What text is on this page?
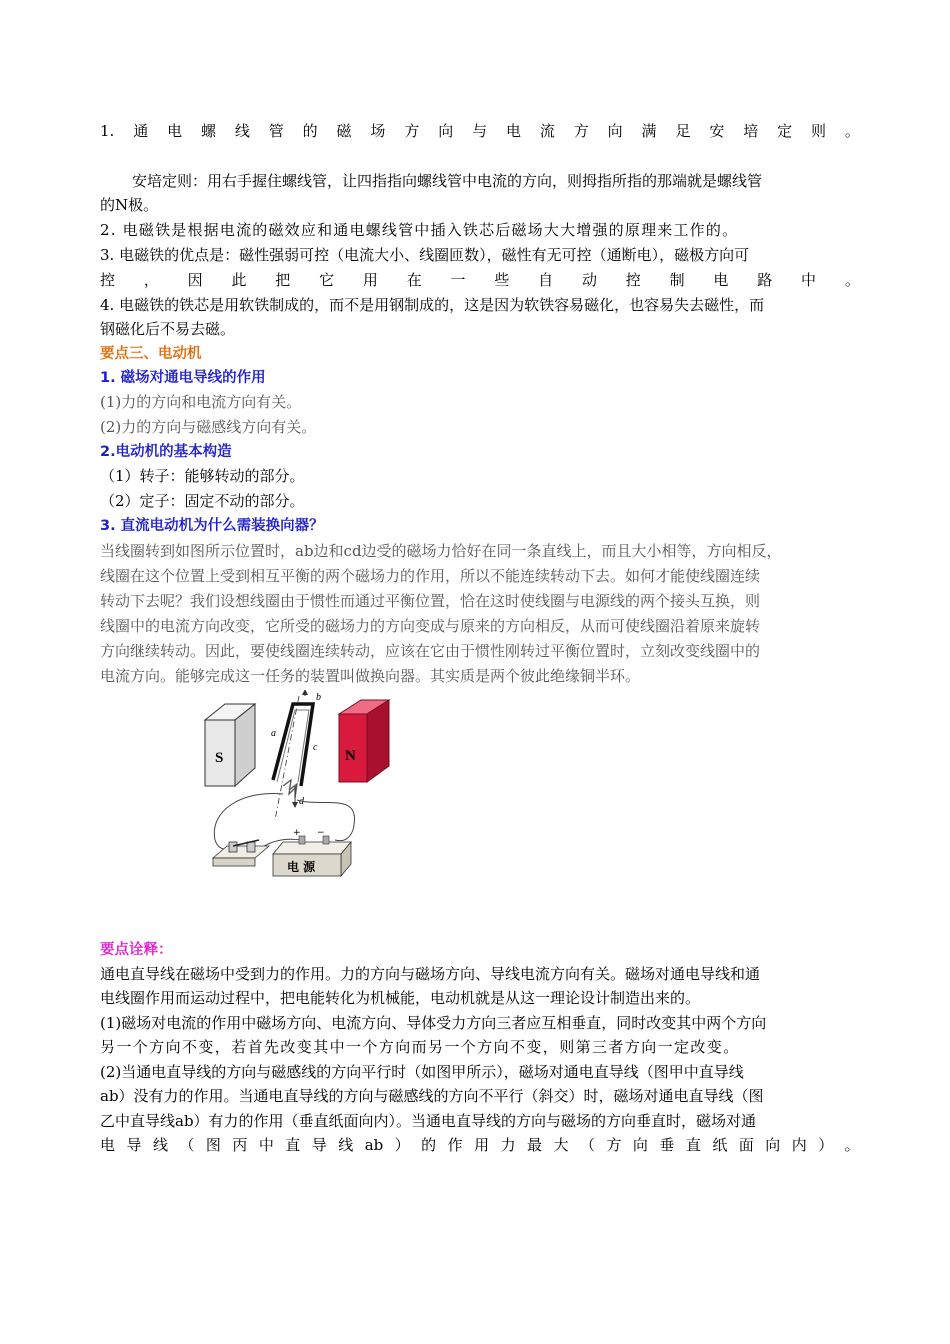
1. 通 电 螺 线 管 的 磁 场 方 向 与 电 流 方 向 满 足 安 培 定 则 。
安培定则：用右手握住螺线管，让四指指向螺线管中电流的方向，则拇指所指的那端就是螺线管
的N极。
2. 电磁铁是根据电流的磁效应和通电螺线管中插入铁芯后磁场大大增强的原理来工作的。
3. 电磁铁的优点是：磁性强弱可控（电流大小、线圈匝数），磁性有无可控（通断电），磁极方向可
控 ， 因 此 把 它 用 在 一 些 自 动 控 制 电 路 中 。
4. 电磁铁的铁芯是用软铁制成的，而不是用钢制成的，这是因为软铁容易磁化，也容易失去磁性，而
钢磁化后不易去磁。
要点三、电动机
1. 磁场对通电导线的作用
(1)力的方向和电流方向有关。
(2)力的方向与磁感线方向有关。
2.电动机的基本构造
（1）转子：能够转动的部分。
（2）定子：固定不动的部分。
3. 直流电动机为什么需装换向器？
当线圈转到如图所示位置时，ab边和cd边受的磁场力恰好在同一条直线上，而且大小相等，方向相反，
线圈在这个位置上受到相互平衡的两个磁场力的作用，所以不能连续转动下去。如何才能使线圈连续
转动下去呢？我们设想线圈由于惯性而通过平衡位置，恰在这时使线圈与电源线的两个接头互换，则
线圈中的电流方向改变，它所受的磁场力的方向变成与原来的方向相反，从而可使线圈沿着原来旋转
方向继续转动。因此，要使线圈连续转动，应该在它由于惯性刚转过平衡位置时，立刻改变线圈中的
电流方向。能够完成这一任务的装置叫做换向器。其实质是两个彼此绝缘铜半环。
要点诠释：
通电直导线在磁场中受到力的作用。力的方向与磁场方向、导线电流方向有关。磁场对通电导线和通
电线圈作用而运动过程中，把电能转化为机械能，电动机就是从这一理论设计制造出来的。
(1)磁场对电流的作用中磁场方向、电流方向、导体受力方向三者应互相垂直，同时改变其中两个方向
另一个方向不变，若首先改变其中一个方向而另一个方向不变，则第三者方向一定改变。
(2)当通电直导线的方向与磁感线的方向平行时（如图甲所示），磁场对通电直导线（图甲中直导线
ab）没有力的作用。当通电直导线的方向与磁感线的方向不平行（斜交）时，磁场对通电直导线（图
乙中直导线ab）有力的作用（垂直纸面向内）。当通电直导线的方向与磁场的方向垂直时，磁场对通
电 导 线 （ 图 丙 中 直 导 线 ab ） 的 作 用 力 最 大 （ 方 向 垂 直 纸 面 向 内 ） 。
S	N
a
b
c
d
+ −
电 源
